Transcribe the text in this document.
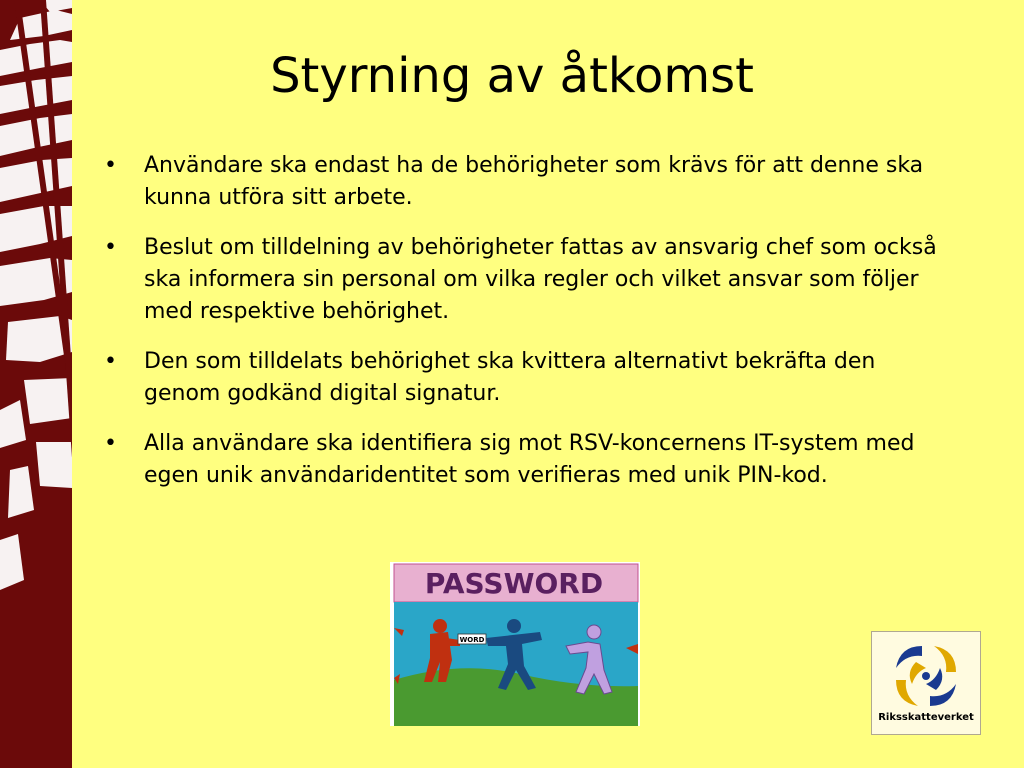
Styrning av åtkomst
• Användare ska endast ha de behörigheter som krävs för att denne ska kunna utföra sitt arbete.
• Beslut om tilldelning av behörigheter fattas av ansvarig chef som också ska informera sin personal om vilka regler och vilket ansvar som följer med respektive behörighet.
• Den som tilldelats behörighet ska kvittera alternativt bekräfta den genom godkänd digital signatur.
• Alla användare ska identifiera sig mot RSV-koncernens IT-system med egen unik användaridentitet som verifieras med unik PIN-kod.
PASSWORD
WORD
Riksskatteverket
